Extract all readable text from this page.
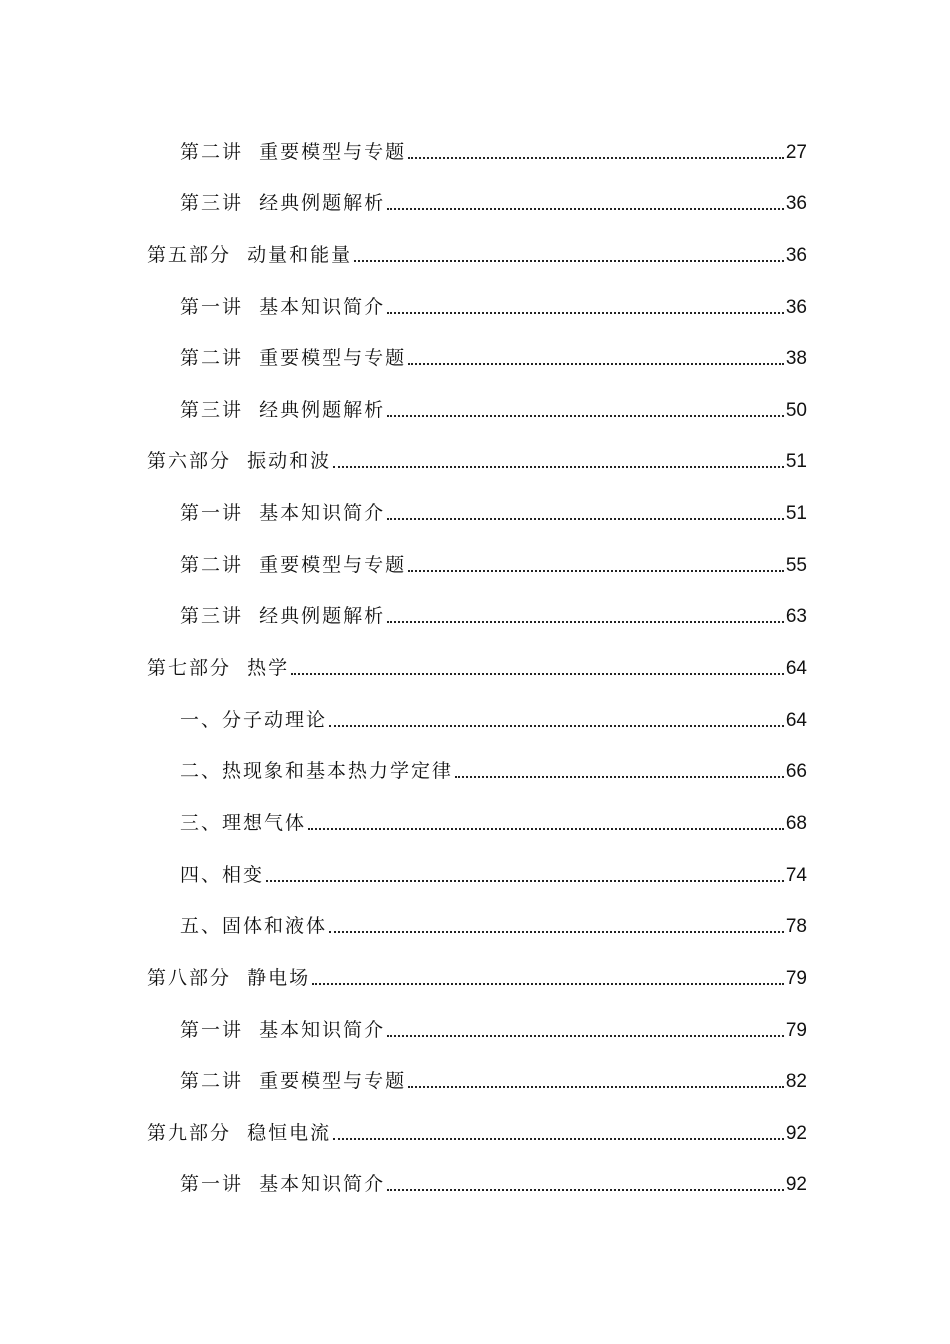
第二讲  重要模型与专题	27
第三讲  经典例题解析	36
第五部分  动量和能量	36
第一讲  基本知识简介	36
第二讲  重要模型与专题	38
第三讲  经典例题解析	50
第六部分  振动和波	51
第一讲  基本知识简介	51
第二讲  重要模型与专题	55
第三讲  经典例题解析	63
第七部分  热学	64
一、分子动理论	64
二、热现象和基本热力学定律	66
三、理想气体	68
四、相变	74
五、固体和液体	78
第八部分  静电场	79
第一讲  基本知识简介	79
第二讲  重要模型与专题	82
第九部分  稳恒电流	92
第一讲  基本知识简介	92
